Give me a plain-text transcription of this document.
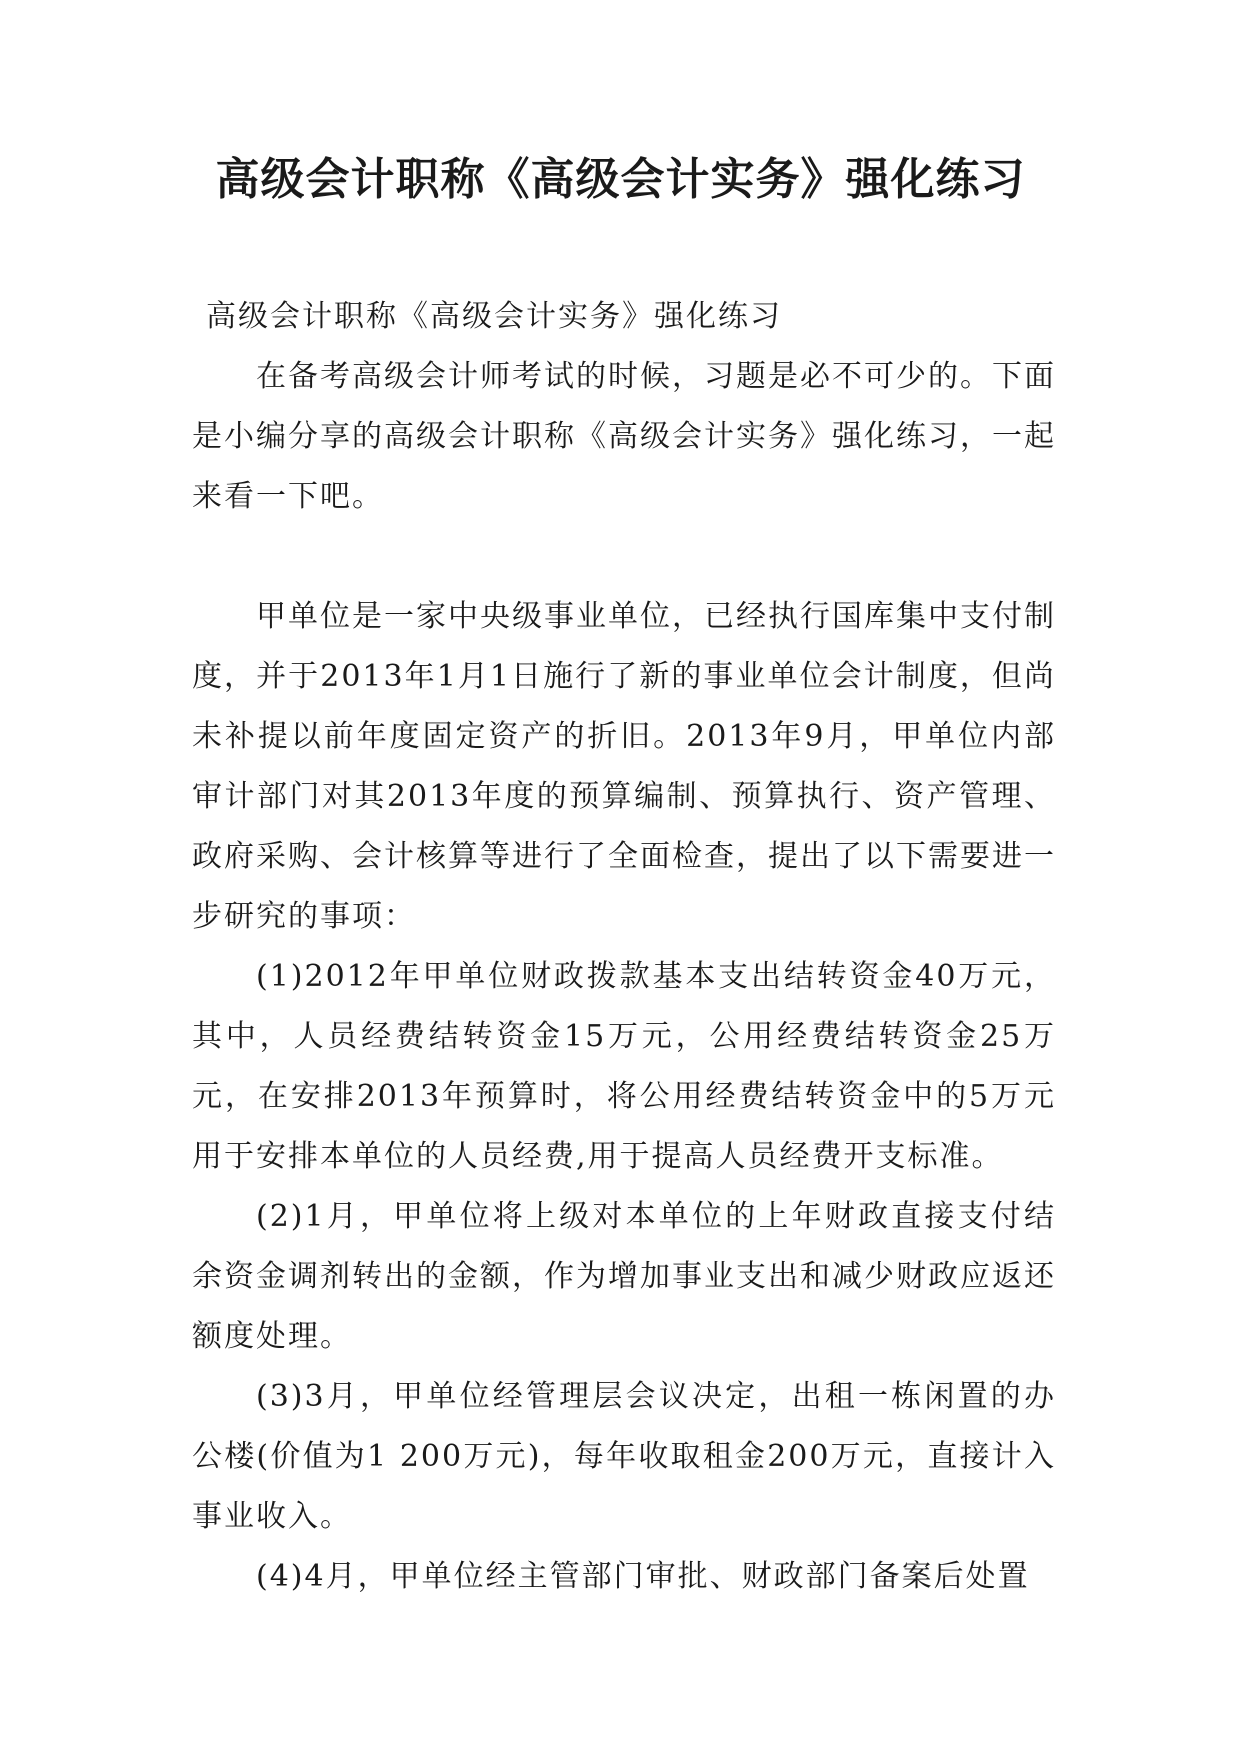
高级会计职称《高级会计实务》强化练习

高级会计职称《高级会计实务》强化练习

在备考高级会计师考试的时候，习题是必不可少的。下面是小编分享的高级会计职称《高级会计实务》强化练习，一起来看一下吧。

甲单位是一家中央级事业单位，已经执行国库集中支付制度，并于2013年1月1日施行了新的事业单位会计制度，但尚未补提以前年度固定资产的折旧。2013年9月，甲单位内部审计部门对其2013年度的预算编制、预算执行、资产管理、政府采购、会计核算等进行了全面检查，提出了以下需要进一步研究的事项：

(1)2012年甲单位财政拨款基本支出结转资金40万元，其中，人员经费结转资金15万元，公用经费结转资金25万元，在安排2013年预算时，将公用经费结转资金中的5万元用于安排本单位的人员经费,用于提高人员经费开支标准。

(2)1月，甲单位将上级对本单位的上年财政直接支付结余资金调剂转出的金额，作为增加事业支出和减少财政应返还额度处理。

(3)3月，甲单位经管理层会议决定，出租一栋闲置的办公楼(价值为1 200万元)，每年收取租金200万元，直接计入事业收入。

(4)4月，甲单位经主管部门审批、财政部门备案后处置
